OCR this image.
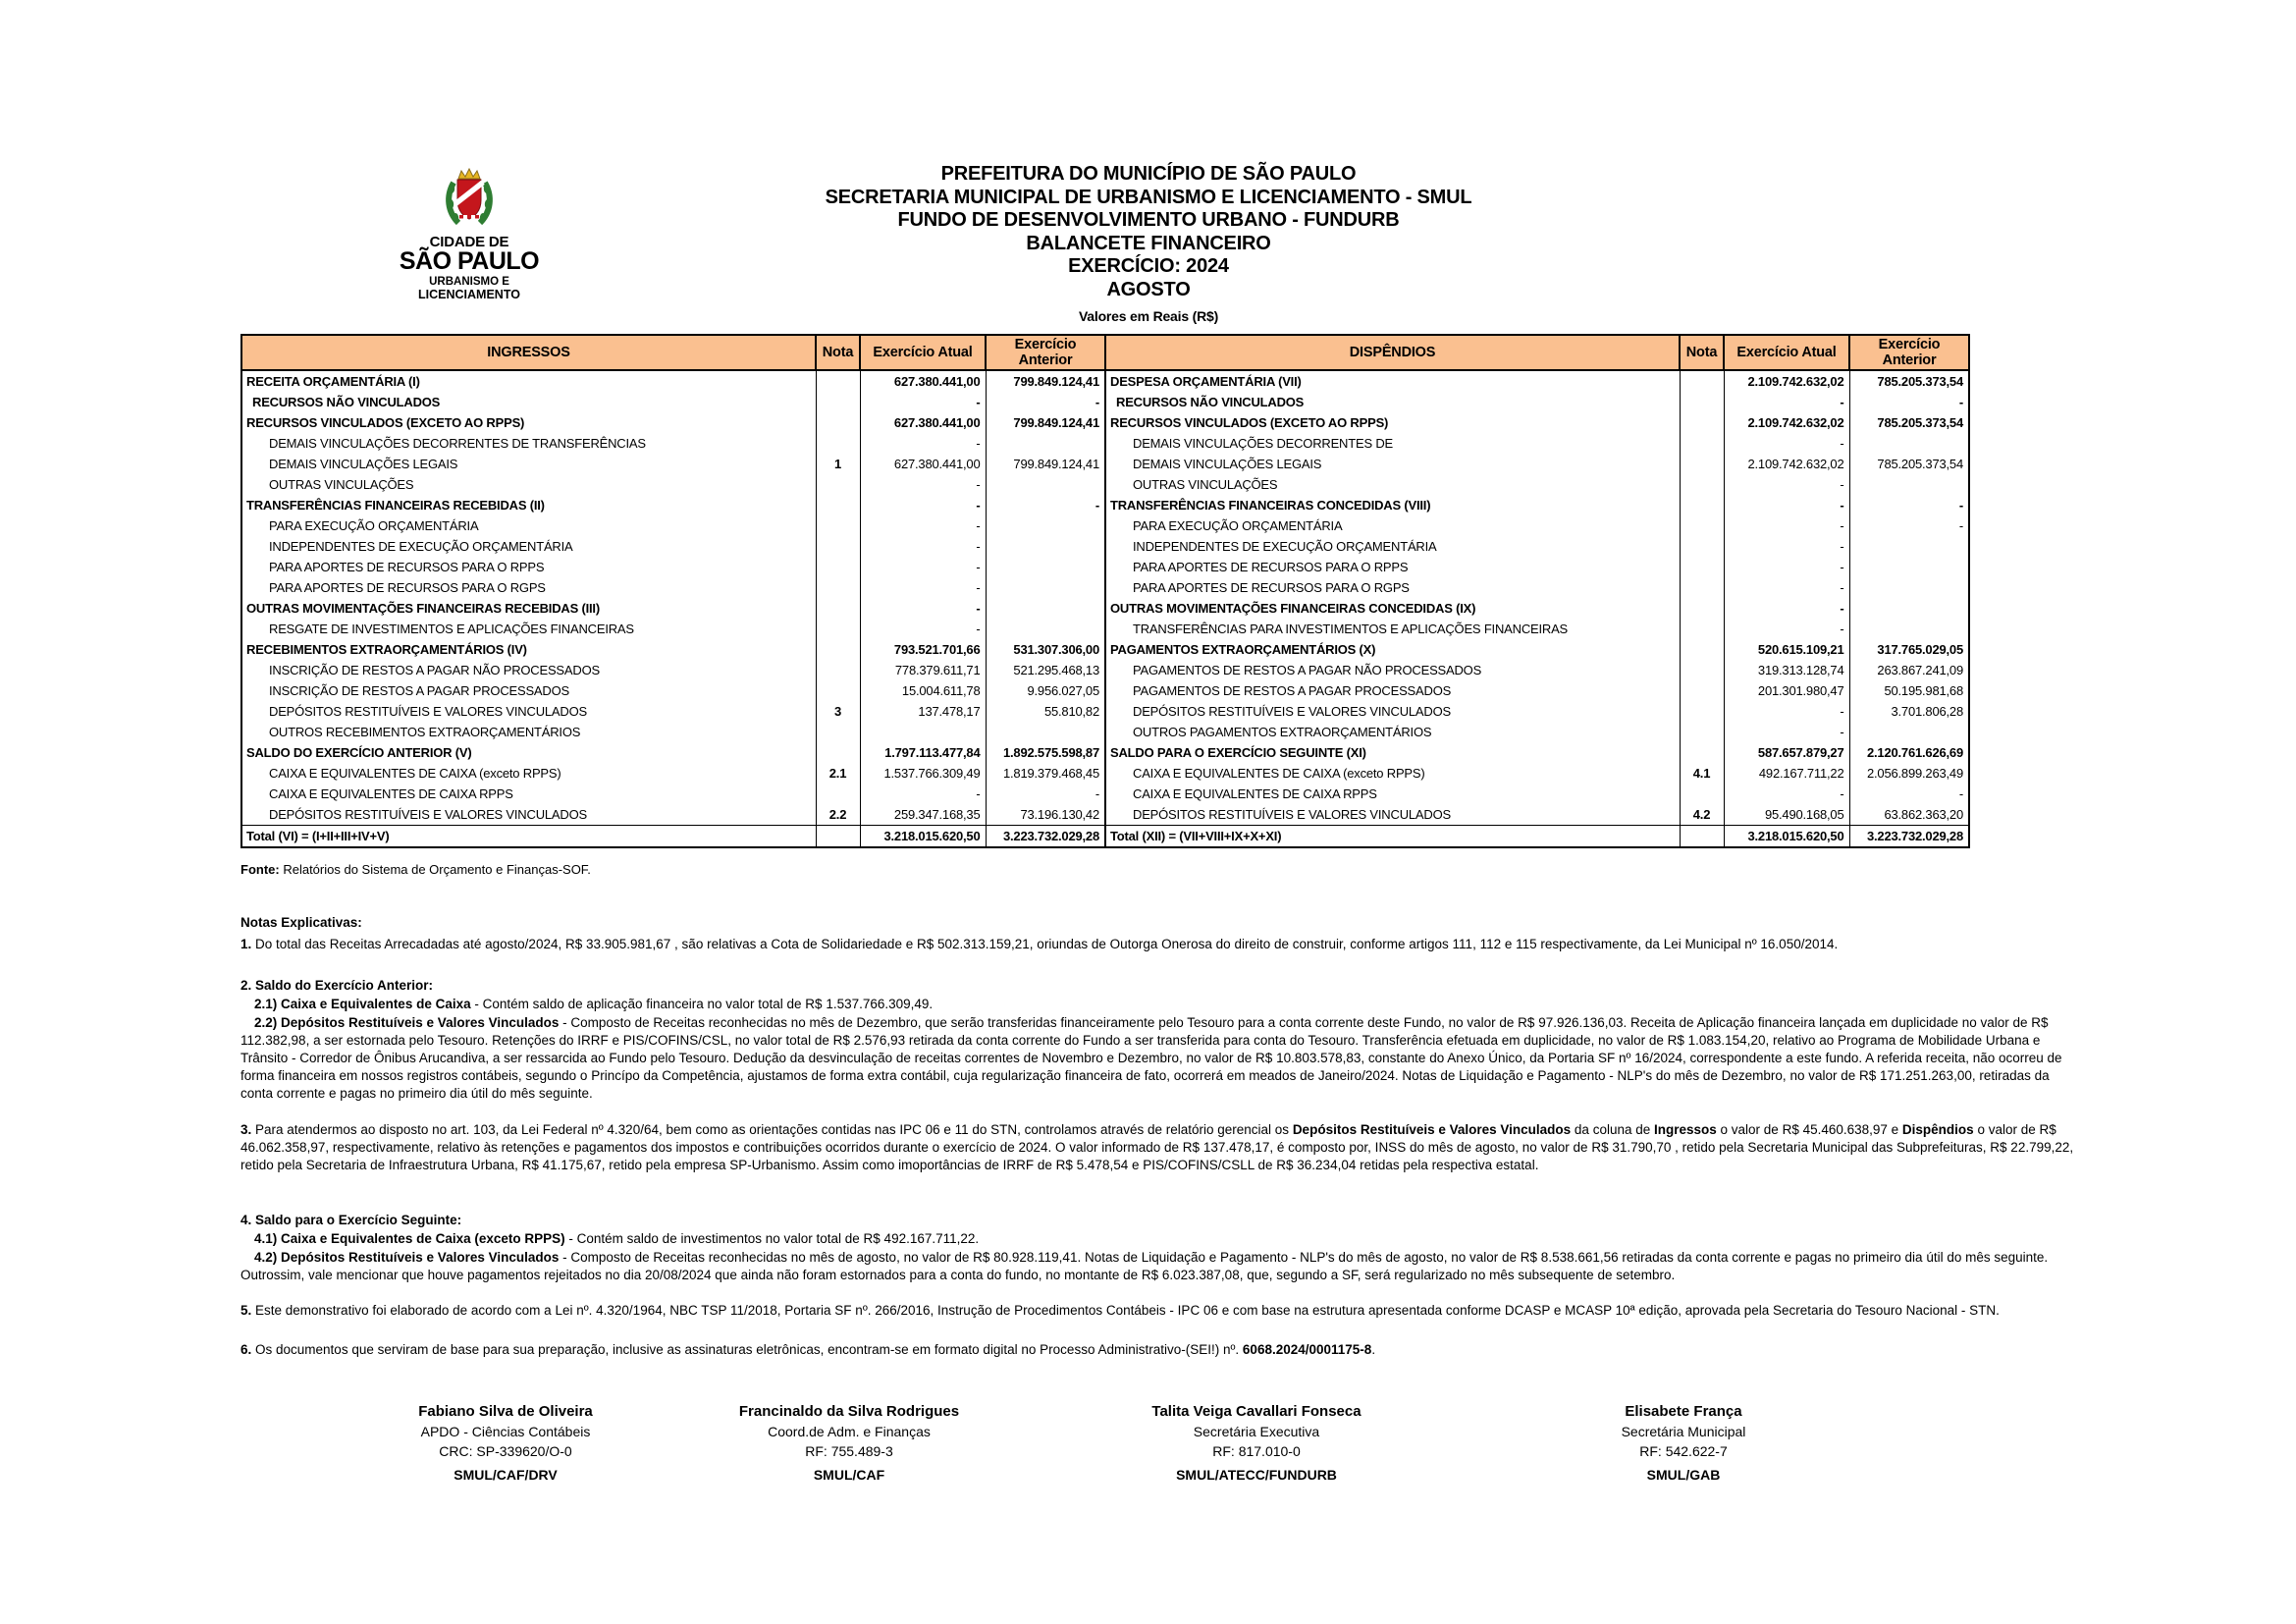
CIDADE DE
SÃO PAULO
URBANISMO E
LICENCIAMENTO
PREFEITURA DO MUNICÍPIO DE SÃO PAULO
SECRETARIA MUNICIPAL DE URBANISMO E LICENCIAMENTO - SMUL
FUNDO DE DESENVOLVIMENTO URBANO - FUNDURB
BALANCETE FINANCEIRO
EXERCÍCIO: 2024
AGOSTO
Valores em Reais (R$)
INGRESSOS	Nota	Exercício Atual	Exercício Anterior	DISPÊNDIOS	Nota	Exercício Atual	Exercício Anterior
RECEITA ORÇAMENTÁRIA (I)		627.380.441,00	799.849.124,41	DESPESA ORÇAMENTÁRIA (VII)		2.109.742.632,02	785.205.373,54
RECURSOS NÃO VINCULADOS		-	-	RECURSOS NÃO VINCULADOS		-	-
RECURSOS VINCULADOS (EXCETO AO RPPS)		627.380.441,00	799.849.124,41	RECURSOS VINCULADOS (EXCETO AO RPPS)		2.109.742.632,02	785.205.373,54
DEMAIS VINCULAÇÕES DECORRENTES DE TRANSFERÊNCIAS		-		DEMAIS VINCULAÇÕES DECORRENTES DE		-	
DEMAIS VINCULAÇÕES LEGAIS	1	627.380.441,00	799.849.124,41	DEMAIS VINCULAÇÕES LEGAIS		2.109.742.632,02	785.205.373,54
OUTRAS VINCULAÇÕES		-		OUTRAS VINCULAÇÕES		-	
TRANSFERÊNCIAS FINANCEIRAS RECEBIDAS (II)		-	-	TRANSFERÊNCIAS FINANCEIRAS CONCEDIDAS (VIII)		-	-
PARA EXECUÇÃO ORÇAMENTÁRIA		-		PARA EXECUÇÃO ORÇAMENTÁRIA		-	-
INDEPENDENTES DE EXECUÇÃO ORÇAMENTÁRIA		-		INDEPENDENTES DE EXECUÇÃO ORÇAMENTÁRIA		-	
PARA APORTES DE RECURSOS PARA O RPPS		-		PARA APORTES DE RECURSOS PARA O RPPS		-	
PARA APORTES DE RECURSOS PARA O RGPS		-		PARA APORTES DE RECURSOS PARA O RGPS		-	
OUTRAS MOVIMENTAÇÕES FINANCEIRAS RECEBIDAS (III)		-		OUTRAS MOVIMENTAÇÕES FINANCEIRAS CONCEDIDAS (IX)		-	
RESGATE DE INVESTIMENTOS E APLICAÇÕES FINANCEIRAS		-		TRANSFERÊNCIAS PARA INVESTIMENTOS E APLICAÇÕES FINANCEIRAS		-	
RECEBIMENTOS EXTRAORÇAMENTÁRIOS (IV)		793.521.701,66	531.307.306,00	PAGAMENTOS EXTRAORÇAMENTÁRIOS (X)		520.615.109,21	317.765.029,05
INSCRIÇÃO DE RESTOS A PAGAR NÃO PROCESSADOS		778.379.611,71	521.295.468,13	PAGAMENTOS DE RESTOS A PAGAR NÃO PROCESSADOS		319.313.128,74	263.867.241,09
INSCRIÇÃO DE RESTOS A PAGAR PROCESSADOS		15.004.611,78	9.956.027,05	PAGAMENTOS DE RESTOS A PAGAR PROCESSADOS		201.301.980,47	50.195.981,68
DEPÓSITOS RESTITUÍVEIS E VALORES VINCULADOS	3	137.478,17	55.810,82	DEPÓSITOS RESTITUÍVEIS E VALORES VINCULADOS		-	3.701.806,28
OUTROS RECEBIMENTOS EXTRAORÇAMENTÁRIOS				OUTROS PAGAMENTOS EXTRAORÇAMENTÁRIOS		-	
SALDO DO EXERCÍCIO ANTERIOR (V)		1.797.113.477,84	1.892.575.598,87	SALDO PARA O EXERCÍCIO SEGUINTE (XI)		587.657.879,27	2.120.761.626,69
CAIXA E EQUIVALENTES DE CAIXA (exceto RPPS)	2.1	1.537.766.309,49	1.819.379.468,45	CAIXA E EQUIVALENTES DE CAIXA (exceto RPPS)	4.1	492.167.711,22	2.056.899.263,49
CAIXA E EQUIVALENTES DE CAIXA RPPS		-	-	CAIXA E EQUIVALENTES DE CAIXA RPPS		-	-
DEPÓSITOS RESTITUÍVEIS E VALORES VINCULADOS	2.2	259.347.168,35	73.196.130,42	DEPÓSITOS RESTITUÍVEIS E VALORES VINCULADOS	4.2	95.490.168,05	63.862.363,20
Total (VI) = (I+II+III+IV+V)		3.218.015.620,50	3.223.732.029,28	Total (XII) = (VII+VIII+IX+X+XI)		3.218.015.620,50	3.223.732.029,28

Fonte: Relatórios do Sistema de Orçamento e Finanças-SOF.

Notas Explicativas:

1. Do total das Receitas Arrecadadas até agosto/2024, R$ 33.905.981,67 , são relativas a Cota de Solidariedade e R$ 502.313.159,21, oriundas de Outorga Onerosa do direito de construir, conforme artigos 111, 112 e 115 respectivamente, da Lei Municipal nº 16.050/2014.

2. Saldo do Exercício Anterior:

2.1) Caixa e Equivalentes de Caixa - Contém saldo de aplicação financeira no valor total de R$ 1.537.766.309,49.

2.2) Depósitos Restituíveis e Valores Vinculados - Composto de Receitas reconhecidas no mês de Dezembro, que serão transferidas financeiramente pelo Tesouro para a conta corrente deste Fundo, no valor de R$ 97.926.136,03. Receita de Aplicação financeira lançada em duplicidade no valor de R$ 112.382,98, a ser estornada pelo Tesouro. Retenções do IRRF e PIS/COFINS/CSL, no valor total de R$ 2.576,93 retirada da conta corrente do Fundo a ser transferida para conta do Tesouro. Transferência efetuada em duplicidade, no valor de R$ 1.083.154,20, relativo ao Programa de Mobilidade Urbana e Trânsito - Corredor de Ônibus Arucandiva, a ser ressarcida ao Fundo pelo Tesouro. Dedução da desvinculação de receitas correntes de Novembro e Dezembro, no valor de R$ 10.803.578,83, constante do Anexo Único, da Portaria SF nº 16/2024, correspondente a este fundo. A referida receita, não ocorreu de forma financeira em nossos registros contábeis, segundo o Princípo da Competência, ajustamos de forma extra contábil, cuja regularização financeira de fato, ocorrerá em meados de Janeiro/2024. Notas de Liquidação e Pagamento - NLP's do mês de Dezembro, no valor de R$ 171.251.263,00, retiradas da conta corrente e pagas no primeiro dia útil do mês seguinte.

3. Para atendermos ao disposto no art. 103, da Lei Federal nº 4.320/64, bem como as orientações contidas nas IPC 06 e 11 do STN, controlamos através de relatório gerencial os Depósitos Restituíveis e Valores Vinculados da coluna de Ingressos o valor de R$ 45.460.638,97 e Dispêndios o valor de R$ 46.062.358,97, respectivamente, relativo às retenções e pagamentos dos impostos e contribuições ocorridos durante o exercício de 2024. O valor informado de R$ 137.478,17, é composto por, INSS do mês de agosto, no valor de R$ 31.790,70 , retido pela Secretaria Municipal das Subprefeituras, R$ 22.799,22, retido pela Secretaria de Infraestrutura Urbana, R$ 41.175,67, retido pela empresa SP-Urbanismo. Assim como imoportâncias de IRRF de R$ 5.478,54 e PIS/COFINS/CSLL de R$ 36.234,04 retidas pela respectiva estatal.

4. Saldo para o Exercício Seguinte:

4.1) Caixa e Equivalentes de Caixa (exceto RPPS) - Contém saldo de investimentos no valor total de R$ 492.167.711,22.

4.2) Depósitos Restituíveis e Valores Vinculados - Composto de Receitas reconhecidas no mês de agosto, no valor de R$ 80.928.119,41. Notas de Liquidação e Pagamento - NLP's do mês de agosto, no valor de R$ 8.538.661,56 retiradas da conta corrente e pagas no primeiro dia útil do mês seguinte. Outrossim, vale mencionar que houve pagamentos rejeitados no dia 20/08/2024 que ainda não foram estornados para a conta do fundo, no montante de R$ 6.023.387,08, que, segundo a SF, será regularizado no mês subsequente de setembro.

5. Este demonstrativo foi elaborado de acordo com a Lei nº. 4.320/1964, NBC TSP 11/2018, Portaria SF nº. 266/2016, Instrução de Procedimentos Contábeis - IPC 06 e com base na estrutura apresentada conforme DCASP e MCASP 10ª edição, aprovada pela Secretaria do Tesouro Nacional - STN.

6. Os documentos que serviram de base para sua preparação, inclusive as assinaturas eletrônicas, encontram-se em formato digital no Processo Administrativo-(SEI!) nº. 6068.2024/0001175-8.

Fabiano Silva de Oliveira
APDO - Ciências Contábeis
CRC: SP-339620/O-0
SMUL/CAF/DRV
Francinaldo da Silva Rodrigues
Coord.de Adm. e Finanças
RF: 755.489-3
SMUL/CAF
Talita Veiga Cavallari Fonseca
Secretária Executiva
RF: 817.010-0
SMUL/ATECC/FUNDURB
Elisabete França
Secretária Municipal
RF: 542.622-7
SMUL/GAB
